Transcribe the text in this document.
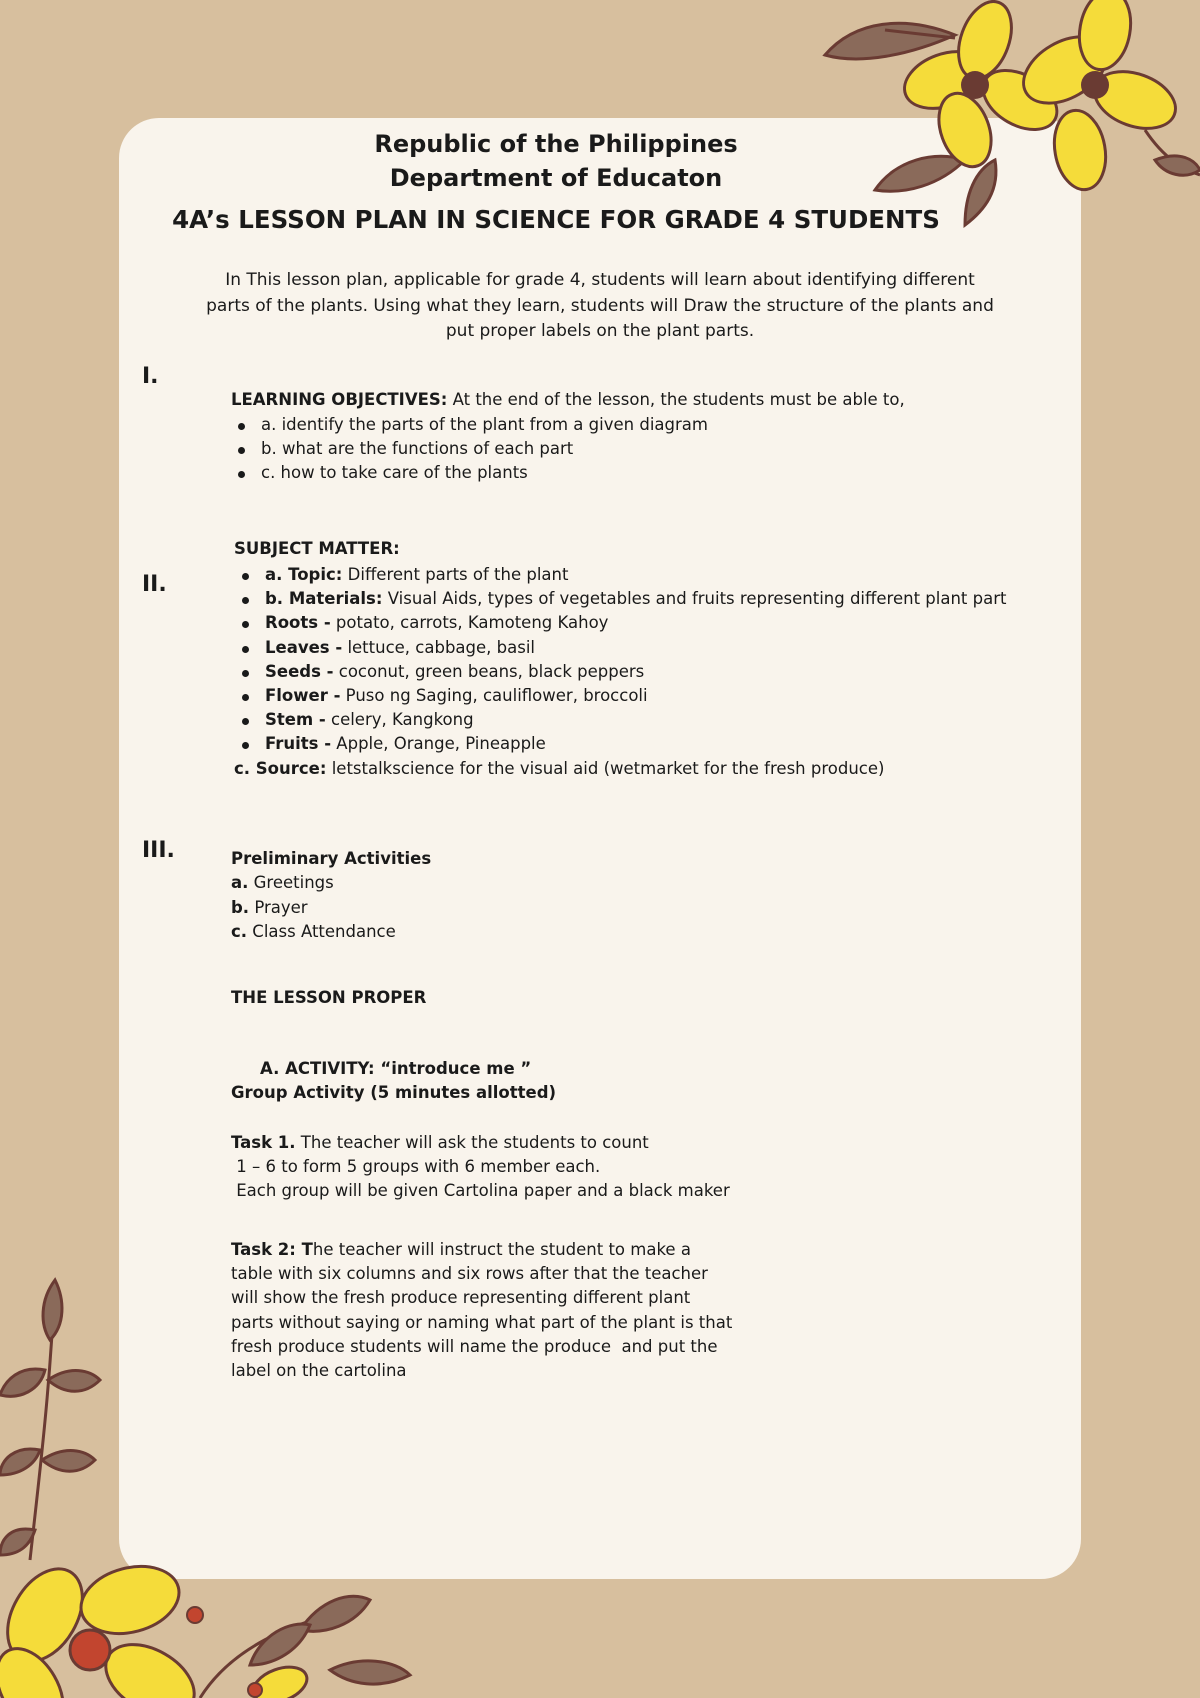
Republic of the Philippines
Department of Educaton
4A’s LESSON PLAN IN SCIENCE FOR GRADE 4 STUDENTS
In This lesson plan, applicable for grade 4, students will learn about identifying different parts of the plants. Using what they learn, students will Draw the structure of the plants and put proper labels on the plant parts.
I.
LEARNING OBJECTIVES: At the end of the lesson, the students must be able to,
a. identify the parts of the plant from a given diagram
b. what are the functions of each part
c. how to take care of the plants
II.
SUBJECT MATTER:
a. Topic: Different parts of the plant
b. Materials: Visual Aids, types of vegetables and fruits representing different plant part
Roots - potato, carrots, Kamoteng Kahoy
Leaves - lettuce, cabbage, basil
Seeds - coconut, green beans, black peppers
Flower - Puso ng Saging, cauliflower, broccoli
Stem - celery, Kangkong
Fruits - Apple, Orange, Pineapple
c. Source: letstalkscience for the visual aid (wetmarket for the fresh produce)
III.	Preliminary Activities
a. Greetings
b. Prayer
c. Class Attendance
THE LESSON PROPER
A. ACTIVITY: “introduce me ”
Group Activity (5 minutes allotted)
Task 1. The teacher will ask the students to count
1 – 6 to form 5 groups with 6 member each.
Each group will be given Cartolina paper and a black maker
Task 2: The teacher will instruct the student to make a
table with six columns and six rows after that the teacher
will show the fresh produce representing different plant
parts without saying or naming what part of the plant is that
fresh produce students will name the produce  and put the
label on the cartolina
